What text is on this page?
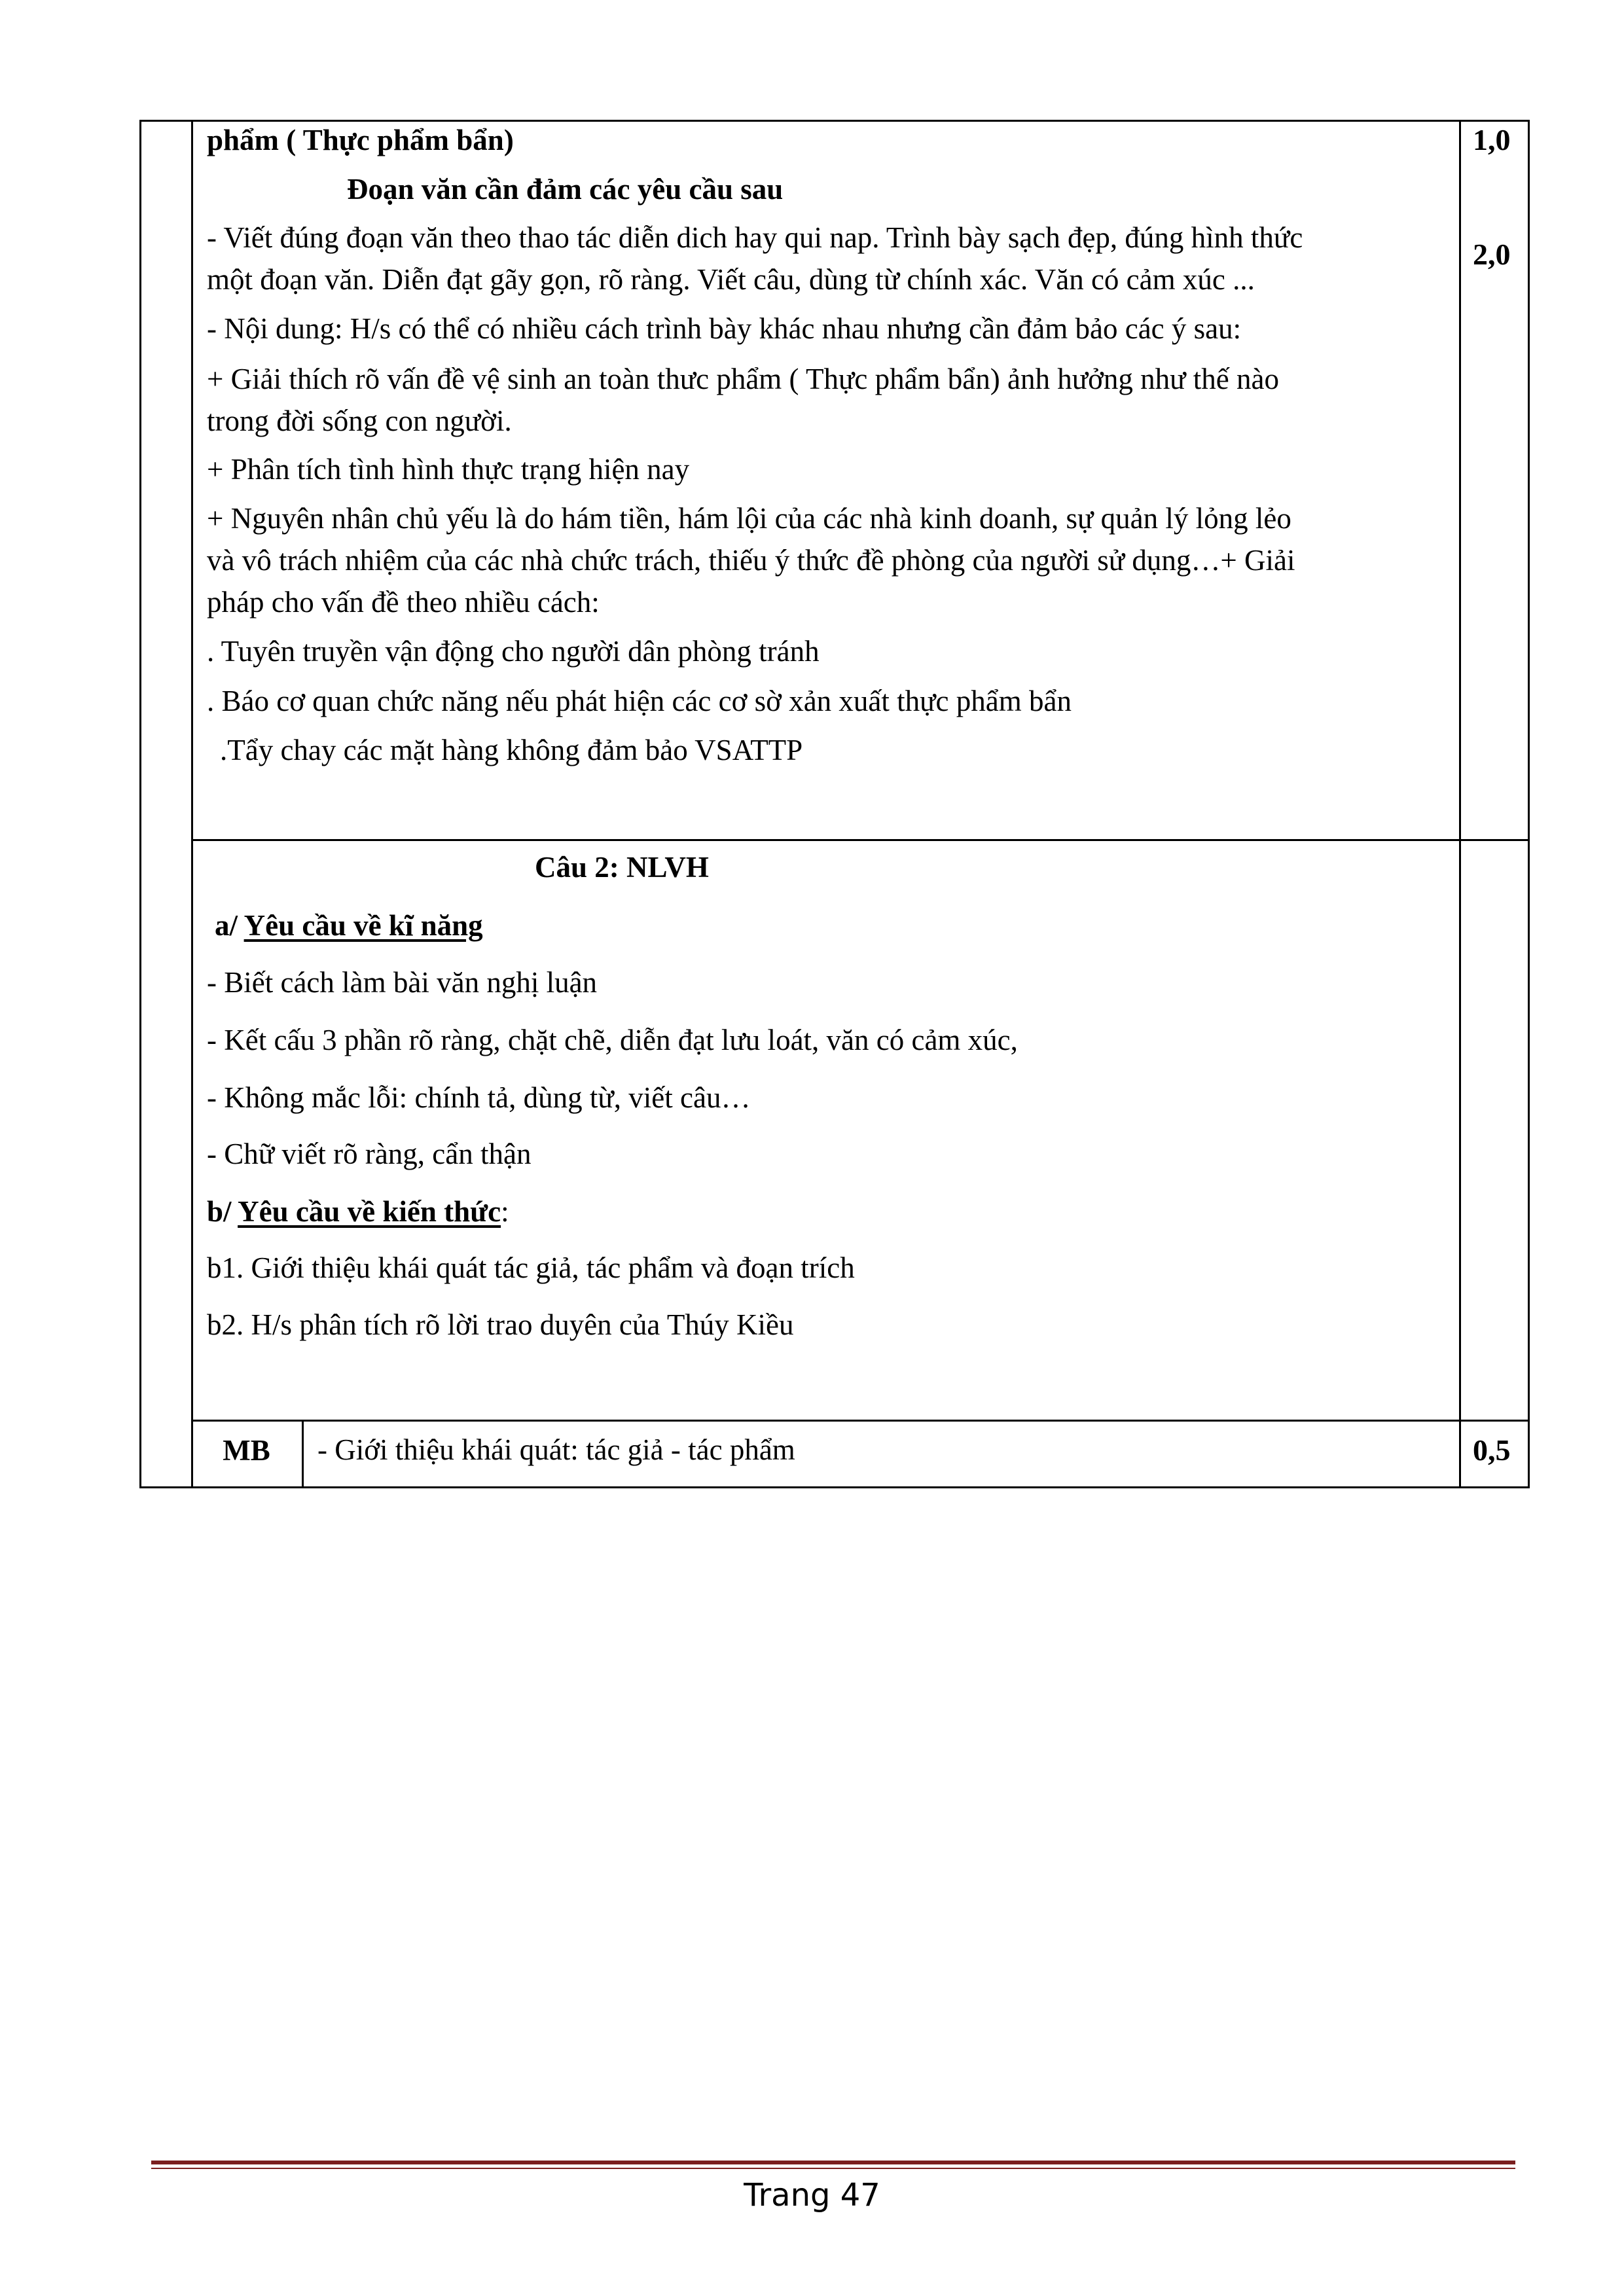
phẩm ( Thực phẩm bẩn)
Đoạn văn cần đảm các yêu cầu sau
- Viết đúng đoạn văn theo thao tác diễn dich hay qui nap. Trình bày sạch đẹp, đúng hình thức
một đoạn văn. Diễn đạt gãy gọn, rõ ràng. Viết câu, dùng từ chính xác. Văn có cảm xúc ...
- Nội dung: H/s có thể có nhiều cách trình bày khác nhau nhưng cần đảm bảo các ý sau:
+ Giải thích rõ vấn đề vệ sinh an toàn thưc phẩm ( Thực phẩm bẩn) ảnh hưởng như thế nào
trong đời sống con người.
+ Phân tích tình hình thực trạng hiện nay
+ Nguyên nhân chủ yếu là do hám tiền, hám lội của các nhà kinh doanh, sự quản lý lỏng lẻo
và vô trách nhiệm của các nhà chức trách, thiếu ý thức đề phòng của người sử dụng…+ Giải
pháp cho vấn đề theo nhiều cách:
. Tuyên truyền vận động cho người dân phòng tránh
. Báo cơ quan chức năng nếu phát hiện các cơ sờ xản xuất thực phẩm bẩn
.Tẩy chay các mặt hàng không đảm bảo VSATTP
1,0
2,0
Câu 2: NLVH
a/ Yêu cầu về kĩ năng
- Biết cách làm bài văn nghị luận
- Kết cấu 3 phần rõ ràng, chặt chẽ, diễn đạt lưu loát, văn có cảm xúc,
- Không mắc lỗi: chính tả, dùng từ, viết câu…
- Chữ viết rõ ràng, cẩn thận
b/ Yêu cầu về kiến thức:
b1. Giới thiệu khái quát tác giả, tác phẩm và đoạn trích
b2. H/s phân tích rõ lời trao duyên của Thúy Kiều
MB	- Giới thiệu khái quát: tác giả - tác phẩm	0,5
Trang 47
